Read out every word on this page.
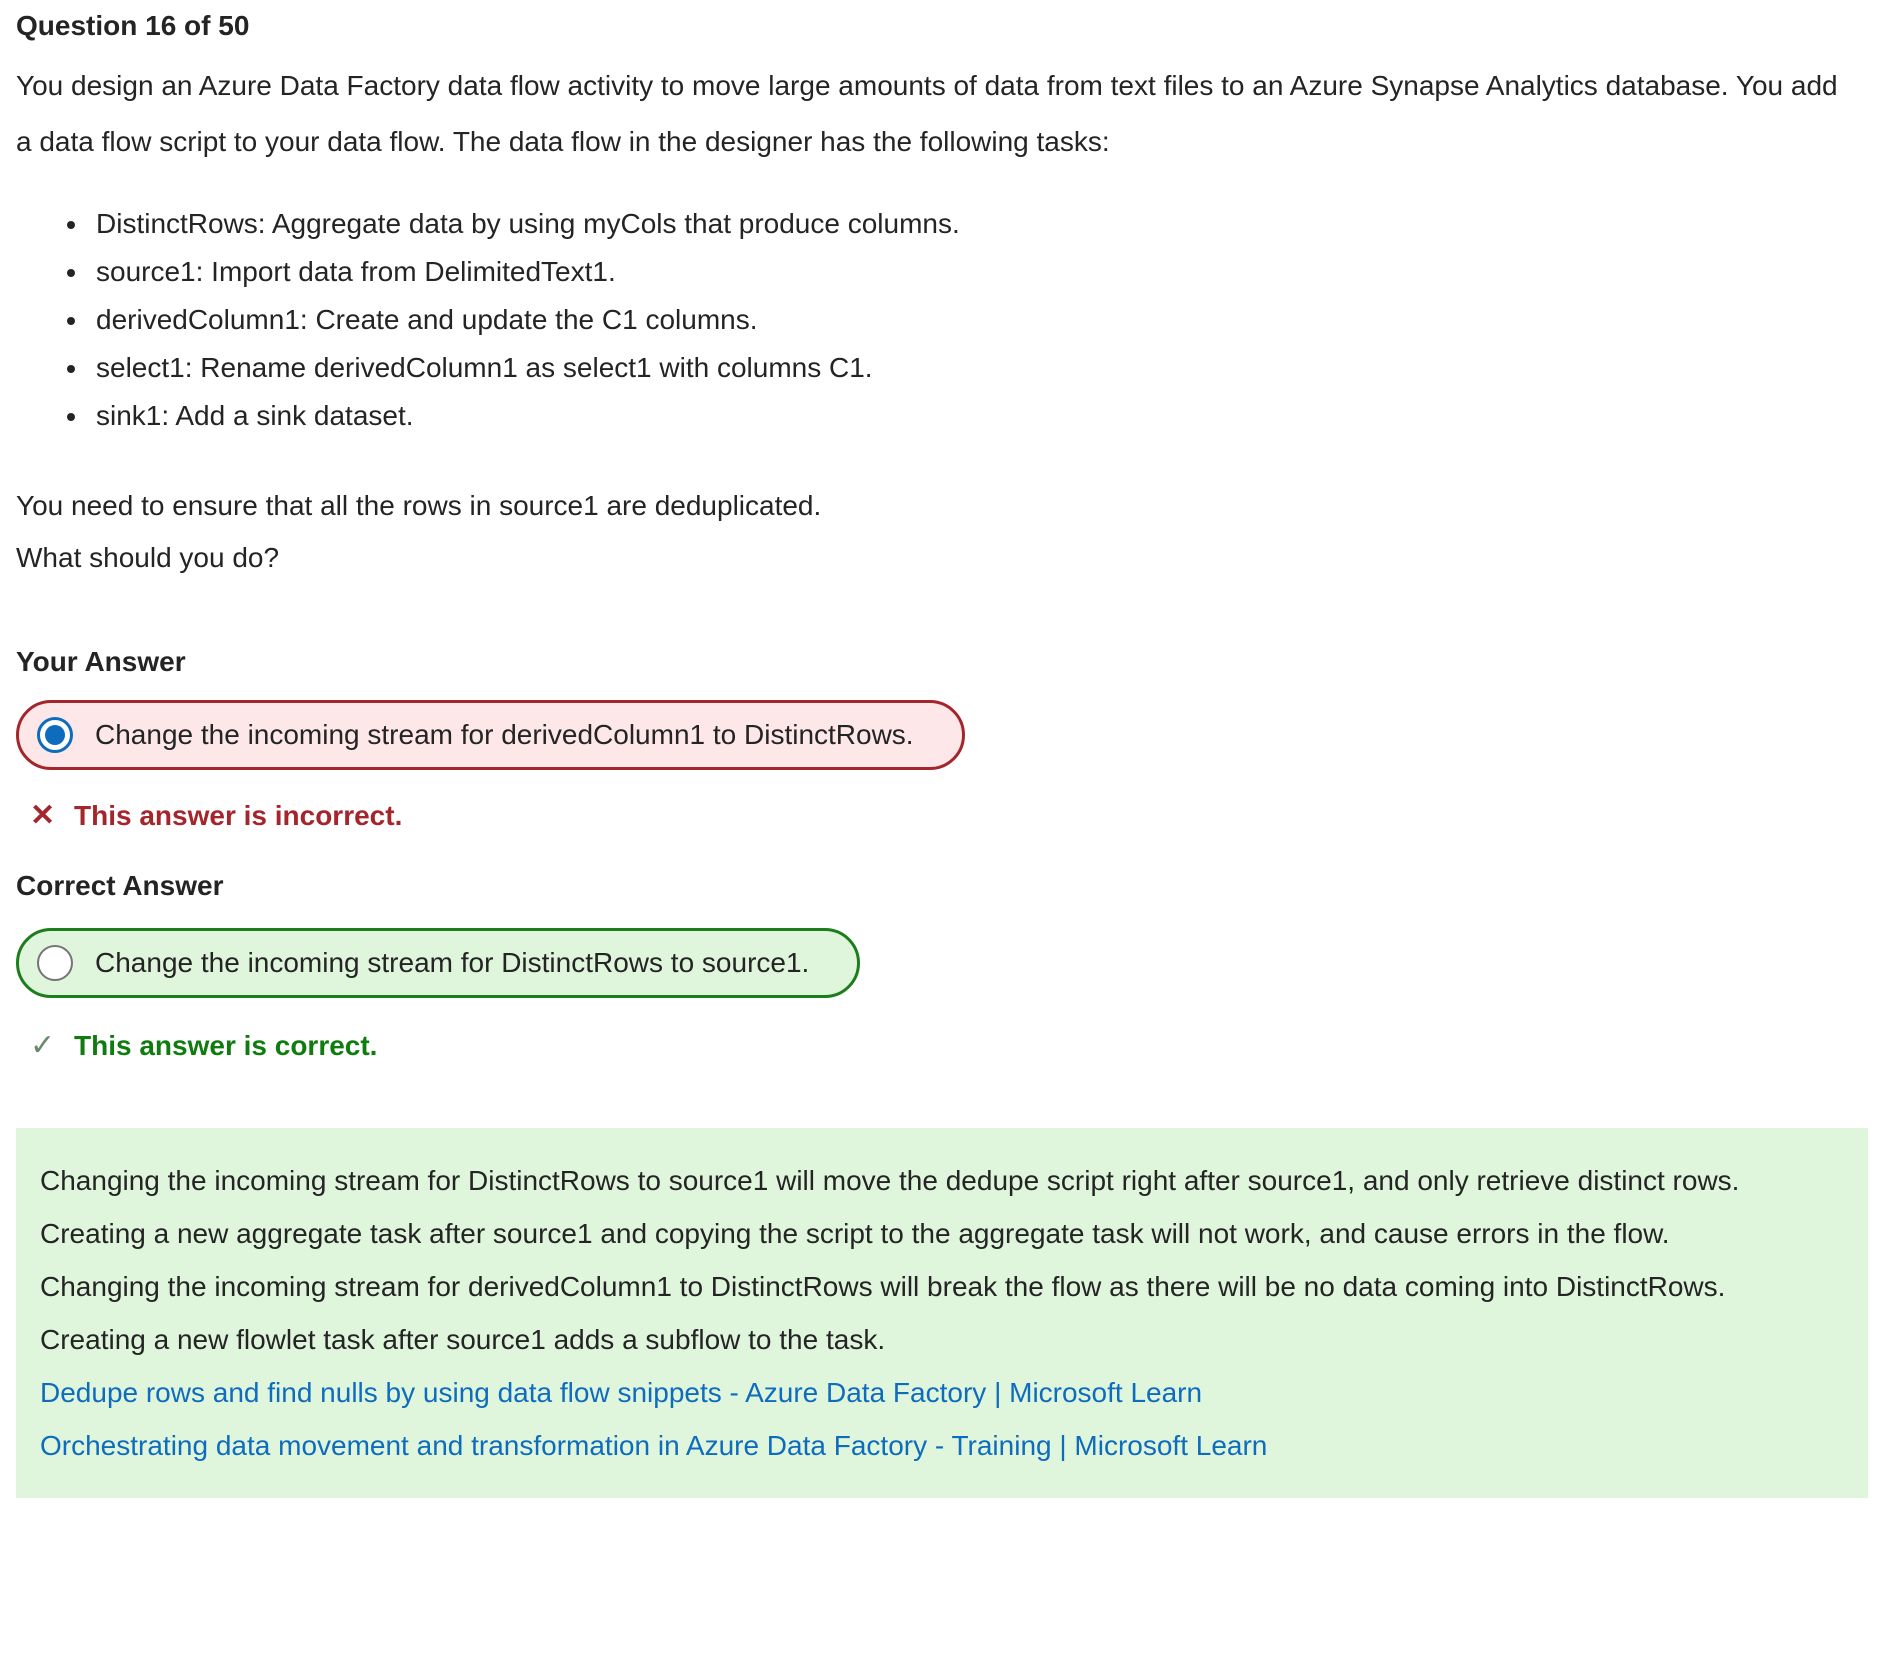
Question 16 of 50
You design an Azure Data Factory data flow activity to move large amounts of data from text files to an Azure Synapse Analytics database. You add a data flow script to your data flow. The data flow in the designer has the following tasks:
• DistinctRows: Aggregate data by using myCols that produce columns.
• source1: Import data from DelimitedText1.
• derivedColumn1: Create and update the C1 columns.
• select1: Rename derivedColumn1 as select1 with columns C1.
• sink1: Add a sink dataset.
You need to ensure that all the rows in source1 are deduplicated.
What should you do?
Your Answer
Change the incoming stream for derivedColumn1 to DistinctRows.
✕ This answer is incorrect.
Correct Answer
Change the incoming stream for DistinctRows to source1.
✓ This answer is correct.
Changing the incoming stream for DistinctRows to source1 will move the dedupe script right after source1, and only retrieve distinct rows.
Creating a new aggregate task after source1 and copying the script to the aggregate task will not work, and cause errors in the flow.
Changing the incoming stream for derivedColumn1 to DistinctRows will break the flow as there will be no data coming into DistinctRows.
Creating a new flowlet task after source1 adds a subflow to the task.
Dedupe rows and find nulls by using data flow snippets - Azure Data Factory | Microsoft Learn
Orchestrating data movement and transformation in Azure Data Factory - Training | Microsoft Learn
